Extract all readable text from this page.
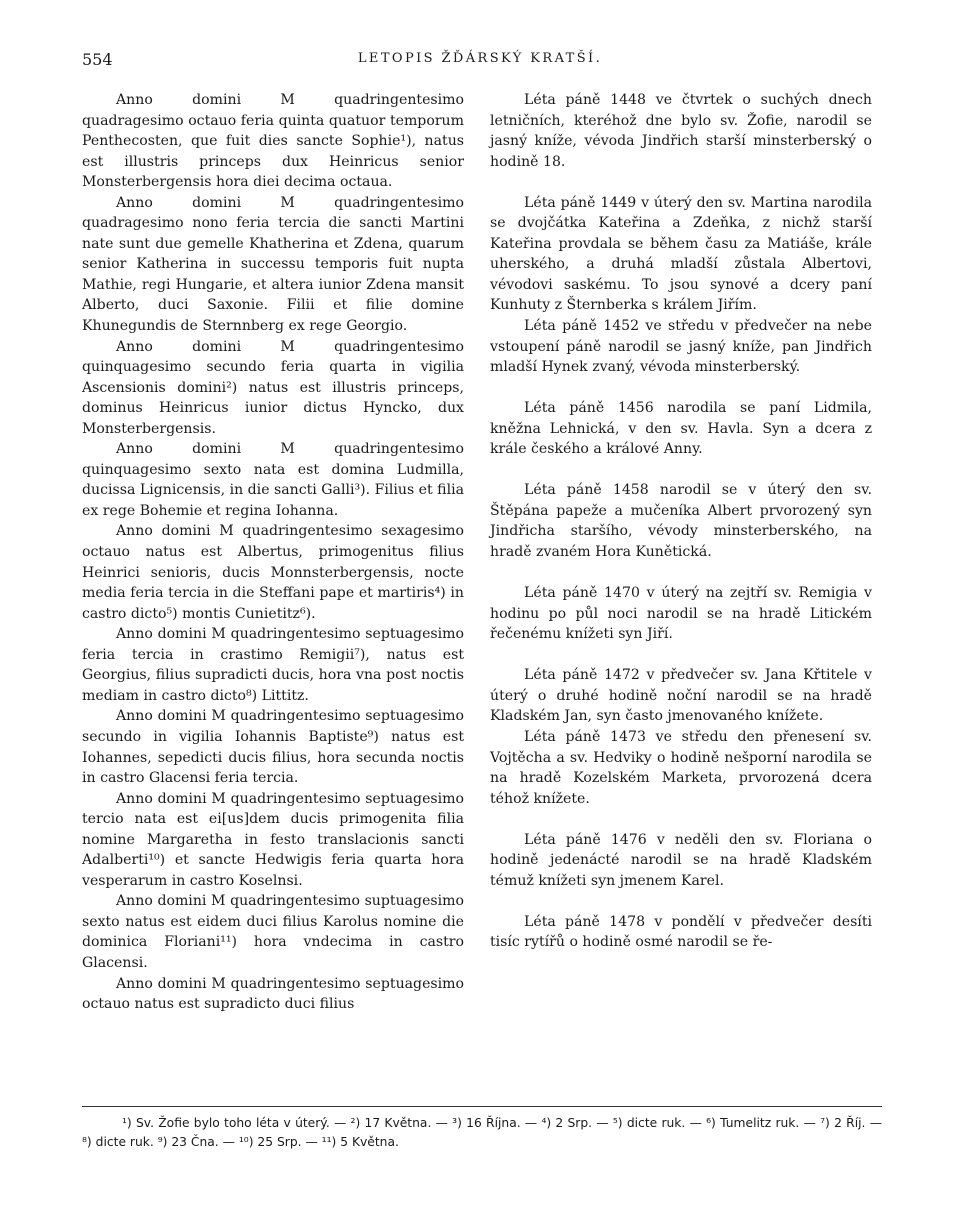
554	LETOPIS ŽĎÁRSKÝ KRATŠÍ.

Anno domini M quadringentesimo quadragesimo octauo feria quinta quatuor temporum Penthecosten, que fuit dies sancte Sophie¹), natus est illustris princeps dux Heinricus senior Monsterbergensis hora diei decima octaua.

Anno domini M quadringentesimo quadragesimo nono feria tercia die sancti Martini nate sunt due gemelle Khatherina et Zdena, quarum senior Katherina in successu temporis fuit nupta Mathie, regi Hungarie, et altera iunior Zdena mansit Alberto, duci Saxonie. Filii et filie domine Khunegundis de Sternnberg ex rege Georgio.

Anno domini M quadringentesimo quinquagesimo secundo feria quarta in vigilia Ascensionis domini²) natus est illustris princeps, dominus Heinricus iunior dictus Hyncko, dux Monsterbergensis.

Anno domini M quadringentesimo quinquagesimo sexto nata est domina Ludmilla, ducissa Lignicensis, in die sancti Galli³). Filius et filia ex rege Bohemie et regina Iohanna.

Anno domini M quadringentesimo sexagesimo octauo natus est Albertus, primogenitus filius Heinrici senioris, ducis Monnsterbergensis, nocte media feria tercia in die Steffani pape et martiris⁴) in castro dicto⁵) montis Cunietitz⁶).

Anno domini M quadringentesimo septuagesimo feria tercia in crastimo Remigii⁷), natus est Georgius, filius supradicti ducis, hora vna post noctis mediam in castro dicto⁸) Littitz.

Anno domini M quadringentesimo septuagesimo secundo in vigilia Iohannis Baptiste⁹) natus est Iohannes, sepedicti ducis filius, hora secunda noctis in castro Glacensi feria tercia.

Anno domini M quadringentesimo septuagesimo tercio nata est ei[us]dem ducis primogenita filia nomine Margaretha in festo translacionis sancti Adalberti¹⁰) et sancte Hedwigis feria quarta hora vesperarum in castro Koselnsi.

Anno domini M quadringentesimo suptuagesimo sexto natus est eidem duci filius Karolus nomine die dominica Floriani¹¹) hora vndecima in castro Glacensi.

Anno domini M quadringentesimo septuagesimo octauo natus est supradicto duci filius

Léta páně 1448 ve čtvrtek o suchých dnech letničních, kteréhož dne bylo sv. Žofie, narodil se jasný kníže, vévoda Jindřich starší minsterberský o hodině 18.

Léta páně 1449 v úterý den sv. Martina narodila se dvojčátka Kateřina a Zdeňka, z nichž starší Kateřina provdala se během času za Matiáše, krále uherského, a druhá mladší zůstala Albertovi, vévodovi saskému. To jsou synové a dcery paní Kunhuty z Šternberka s králem Jiřím.

Léta páně 1452 ve středu v předvečer na nebe vstoupení páně narodil se jasný kníže, pan Jindřich mladší Hynek zvaný, vévoda minsterberský.

Léta páně 1456 narodila se paní Lidmila, kněžna Lehnická, v den sv. Havla. Syn a dcera z krále českého a králové Anny.

Léta páně 1458 narodil se v úterý den sv. Štěpána papeže a mučeníka Albert prvorozený syn Jindřicha staršího, vévody minsterberského, na hradě zvaném Hora Kunětická.

Léta páně 1470 v úterý na zejtří sv. Remigia v hodinu po půl noci narodil se na hradě Litickém řečenému knížeti syn Jiří.

Léta páně 1472 v předvečer sv. Jana Křtitele v úterý o druhé hodině noční narodil se na hradě Kladském Jan, syn často jmenovaného knížete.

Léta páně 1473 ve středu den přenesení sv. Vojtěcha a sv. Hedviky o hodině nešporní narodila se na hradě Kozelském Marketa, prvorozená dcera téhož knížete.

Léta páně 1476 v neděli den sv. Floriana o hodině jedenácté narodil se na hradě Kladském témuž knížeti syn jmenem Karel.

Léta páně 1478 v pondělí v předvečer desíti tisíc rytířů o hodině osmé narodil se ře-

¹) Sv. Žofie bylo toho léta v úterý. — ²) 17 Května. — ³) 16 Října. — ⁴) 2 Srp. — ⁵) dicte ruk. — ⁶) Tumelitz ruk. — ⁷) 2 Říj. — ⁸) dicte ruk. ⁹) 23 Čna. — ¹⁰) 25 Srp. — ¹¹) 5 Května.
